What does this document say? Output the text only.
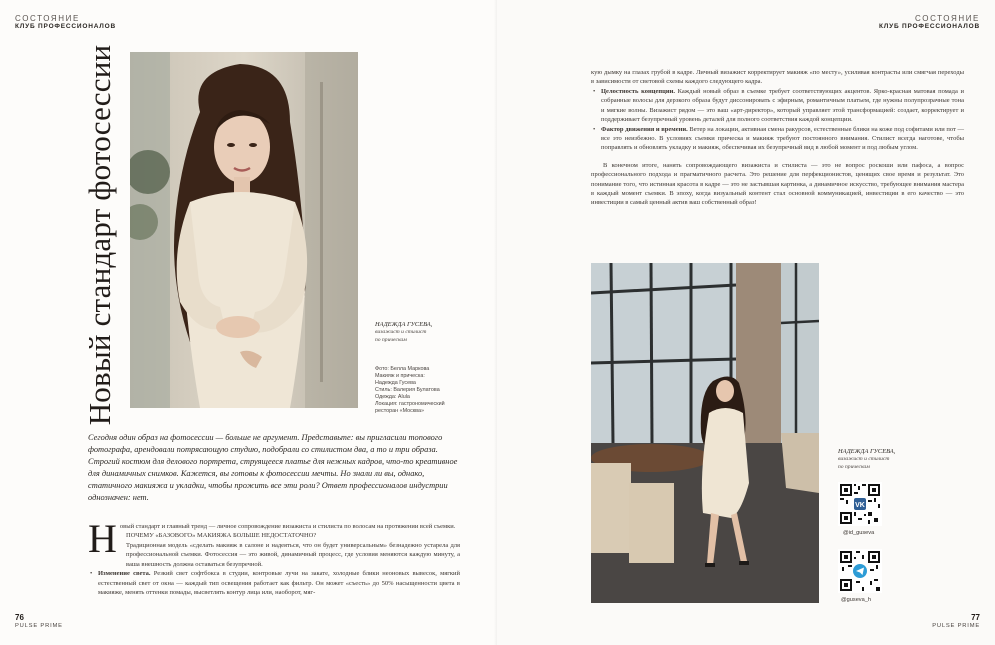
СОСТОЯНИЕ
КЛУБ ПРОФЕССИОНАЛОВ
Новый стандарт фотосессии	НАДЕЖДА ГУСЕВА,
визажист и стилист
по прическам
Фото: Белла Маркова
Макияж и прическа:
Надежда Гусева
Стиль: Валерия Булатова
Одежда: Alula
Локация: гастрономический
ресторан «Москва»

Сегодня один образ на фотосессии — больше не аргумент. Представьте: вы пригласили топового фотографа, арендовали потрясающую студию, подобрали со стилистом два, а то и три образа. Строгий костюм для делового портрета, струящееся платье для нежных кадров, что-то креативное для динамичных снимков. Кажется, вы готовы к фотосессии мечты. Но знали ли вы, однако, статичного макияжа и укладки, чтобы прожить все эти роли? Ответ профессионалов индустрии однозначен: нет.

Новый стандарт и главный тренд — личное сопровождение визажиста и стилиста по волосам на протяжении всей съемки.

ПОЧЕМУ «БАЗОВОГО» МАКИЯЖА БОЛЬШЕ НЕДОСТАТОЧНО?

Традиционная модель «сделать макияж в салоне и надеяться, что он будет универсальным» безнадежно устарела для профессиональной съемки. Фотосессия — это живой, динамичный процесс, где условия меняются каждую минуту, а ваша внешность должна оставаться безупречной.

• Изменение света. Резкий свет софтбокса в студии, контровые лучи на закате, холодные блики неоновых вывесок, мягкий естественный свет от окна — каждый тип освещения работает как фильтр. Он может «съесть» до 50% насыщенности цвета в макияже, менять оттенки помады, высветлять контур лица или, наоборот, мяг-

76
PULSE PRIME
СОСТОЯНИЕ
КЛУБ ПРОФЕССИОНАЛОВ
77
PULSE PRIME

кую дымку на глазах грубой в кадре. Личный визажист корректирует макияж «по месту», усиливая контрасты или смягчая переходы в зависимости от световой схемы каждого следующего кадра.

• Целостность концепции. Каждый новый образ в съемке требует соответствующих акцентов. Ярко-красная матовая помада и собранные волосы для дерзкого образа будут диссонировать с эфирным, романтичным платьем, где нужны полупрозрачные тона и мягкие волны. Визажист рядом — это ваш «арт-директор», который управляет этой трансформацией: создает, корректирует и поддерживает безупречный уровень деталей для полного соответствия каждой концепции.

• Фактор движения и времени. Ветер на локации, активная смена ракурсов, естественные блики на коже под софитами или пот — все это неизбежно. В условиях съемки прическа и макияж требуют постоянного внимания. Стилист всегда наготове, чтобы поправлять и обновлять укладку и макияж, обеспечивая их безупречный вид в любой момент и под любым углом.

В конечном итоге, нанять сопровождающего визажиста и стилиста — это не вопрос роскоши или пафоса, а вопрос профессионального подхода и прагматичного расчета. Это решение для перфекционистов, ценящих свое время и результат. Это понимание того, что истинная красота в кадре — это не застывшая картинка, а динамичное искусство, требующее внимания мастера в каждый момент съемки. В эпоху, когда визуальный контент стал основной коммуникацией, инвестиции в его качество — это инвестиции в самый ценный актив ваш собственный образ!

НАДЕЖДА ГУСЕВА,
визажист и стилист
по прическам
VK
@id_guseva
@guseva_h
